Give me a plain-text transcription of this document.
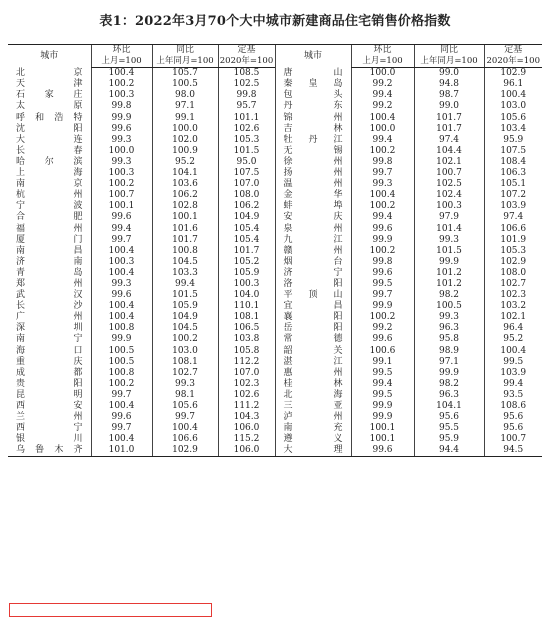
表1：2022年3月70个大中城市新建商品住宅销售价格指数
城市	环比	同比	定基	城市	环比	同比	定基
	上月=100	上年同月=100	2020年=100		上月=100	上年同月=100	2020年=100
北 京	100.4	105.7	108.5	唐 山	100.0	99.0	102.9
天 津	100.2	100.5	102.5	秦皇岛	99.2	94.8	96.1
石家庄	100.3	98.0	99.8	包 头	99.4	98.7	100.4
太 原	99.8	97.1	95.7	丹 东	99.2	99.0	103.0
呼和浩特	99.9	99.1	101.1	锦 州	100.4	101.7	105.6
沈 阳	99.6	100.0	102.6	吉 林	100.0	101.7	103.4
大 连	99.3	102.0	105.3	牡丹江	99.4	97.4	95.9
长 春	100.0	100.9	101.5	无 锡	100.2	104.4	107.5
哈尔滨	99.3	95.2	95.0	徐 州	99.8	102.1	108.4
上 海	100.3	104.1	107.5	扬 州	99.7	100.7	106.3
南 京	100.2	103.6	107.0	温 州	99.3	102.5	105.1
杭 州	100.7	106.2	108.0	金 华	100.4	102.4	107.2
宁 波	100.1	102.8	106.2	蚌 埠	100.2	100.3	103.9
合 肥	99.6	100.1	104.9	安 庆	99.4	97.9	97.4
福 州	99.4	101.6	105.4	泉 州	99.6	101.4	106.6
厦 门	99.7	101.7	105.4	九 江	99.9	99.3	101.9
南 昌	100.4	100.8	101.7	赣 州	100.2	101.5	105.3
济 南	100.3	104.5	105.2	烟 台	99.8	99.9	102.9
青 岛	100.4	103.3	105.9	济 宁	99.6	101.2	108.0
郑 州	99.3	99.4	100.3	洛 阳	99.5	101.2	102.7
武 汉	99.6	101.5	104.0	平顶山	99.7	98.2	102.3
长 沙	100.4	105.9	110.1	宜 昌	99.9	100.5	103.2
广 州	100.4	104.9	108.1	襄 阳	100.2	99.3	102.1
深 圳	100.8	104.5	106.5	岳 阳	99.2	96.3	96.4
南 宁	99.9	100.2	103.8	常 德	99.6	95.8	95.2
海 口	100.5	103.0	105.8	韶 关	100.6	98.9	100.4
重 庆	100.5	108.1	112.2	湛 江	99.1	97.1	99.5
成 都	100.8	102.7	107.0	惠 州	99.5	99.9	103.9
贵 阳	100.2	99.3	102.3	桂 林	99.4	98.2	99.4
昆 明	99.7	98.1	102.6	北 海	99.5	96.3	93.5
西 安	100.4	105.6	111.2	三 亚	99.9	104.1	108.6
兰 州	99.6	99.7	104.3	泸 州	99.9	95.6	95.6
西 宁	99.7	100.4	106.0	南 充	100.1	95.5	95.6
银 川	100.4	106.6	115.2	遵 义	100.1	95.9	100.7
乌鲁木齐	101.0	102.9	106.0	大 理	99.6	94.4	94.5
